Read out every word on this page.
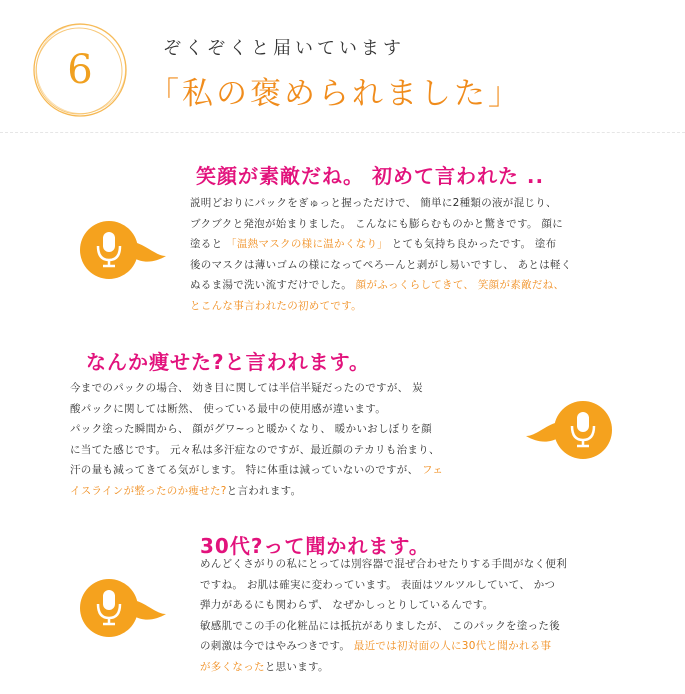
6	ぞくぞくと届いています
「私の褒められました」
笑顔が素敵だね。 初めて言われた ..
説明どおりにパックをぎゅっと握っただけで、 簡単に2種類の液が混じり、
ブクブクと発泡が始まりました。 こんなにも膨らむものかと驚きです。 顔に
塗ると 「温熱マスクの様に温かくなり」 とても気持ち良かったです。 塗布
後のマスクは薄いゴムの様になってぺろーんと剥がし易いですし、 あとは軽く
ぬるま湯で洗い流すだけでした。 顔がふっくらしてきて、 笑顔が素敵だね、
とこんな事言われたの初めてです。
なんか痩せた?と言われます。
今までのパックの場合、 効き目に関しては半信半疑だったのですが、 炭
酸パックに関しては断然、 使っている最中の使用感が違います。
パック塗った瞬間から、 顔がグワ~っと暖かくなり、 暖かいおしぼりを顔
に当てた感じです。 元々私は多汗症なのですが、最近顔のテカリも治まり、
汗の量も減ってきてる気がします。 特に体重は減っていないのですが、 フェ
イスラインが整ったのか痩せた?と言われます。
30代?って聞かれます。
めんどくさがりの私にとっては別容器で混ぜ合わせたりする手間がなく便利
ですね。 お肌は確実に変わっています。 表面はツルツルしていて、 かつ
弾力があるにも関わらず、 なぜかしっとりしているんです。
敏感肌でこの手の化粧品には抵抗がありましたが、 このパックを塗った後
の刺激は今ではやみつきです。 最近では初対面の人に30代と聞かれる事
が多くなったと思います。
